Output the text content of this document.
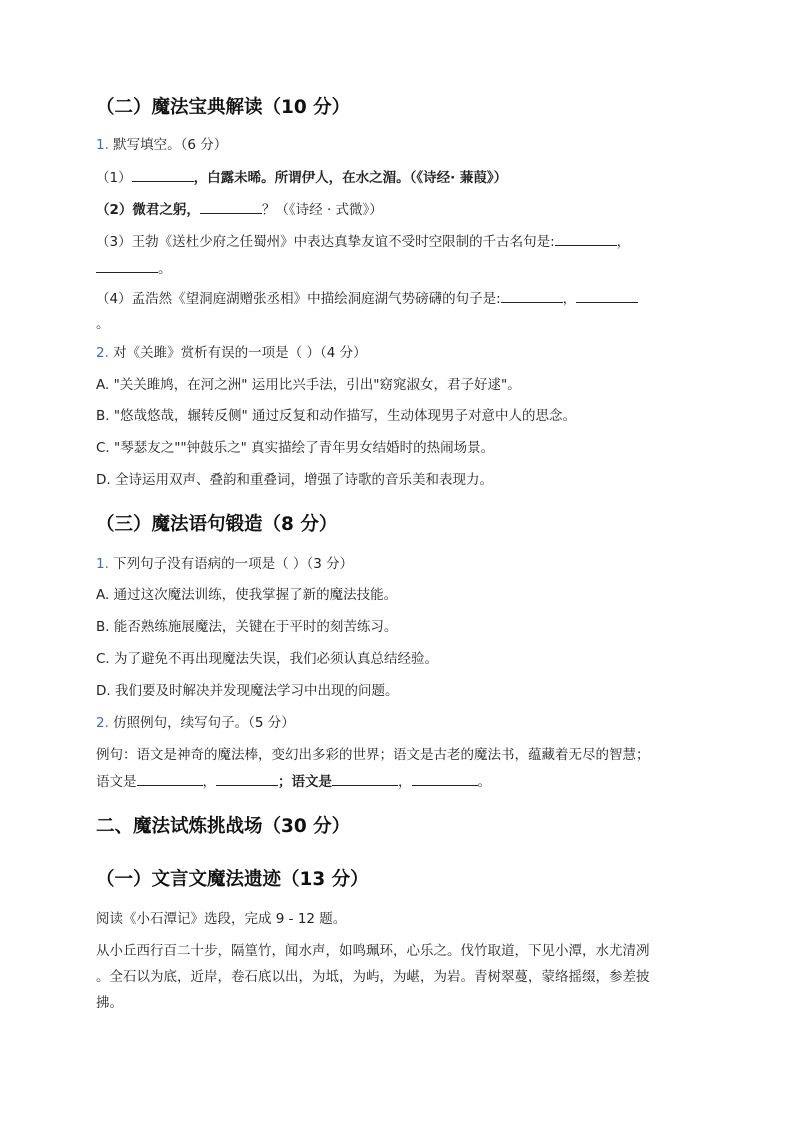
（二）魔法宝典解读（10 分）
1. 默写填空。（6 分）
（1）	，白露未晞。所谓伊人，在水之湄。（《诗经· 蒹葭》）
（2）微君之躬，	？（《诗经 · 式微》）
（3）王勃《送杜少府之任蜀州》中表达真挚友谊不受时空限制的千古名句是:	，
。
（4）孟浩然《望洞庭湖赠张丞相》中描绘洞庭湖气势磅礴的句子是:	，
。
2. 对《关雎》赏析有误的一项是（ ）（4 分）
A. "关关雎鸠，在河之洲" 运用比兴手法，引出"窈窕淑女，君子好逑"。
B. "悠哉悠哉，辗转反侧" 通过反复和动作描写，生动体现男子对意中人的思念。
C. "琴瑟友之""钟鼓乐之" 真实描绘了青年男女结婚时的热闹场景。
D. 全诗运用双声、叠韵和重叠词，增强了诗歌的音乐美和表现力。
（三）魔法语句锻造（8 分）
1. 下列句子没有语病的一项是（ ）（3 分）
A. 通过这次魔法训练，使我掌握了新的魔法技能。
B. 能否熟练施展魔法，关键在于平时的刻苦练习。
C. 为了避免不再出现魔法失误，我们必须认真总结经验。
D. 我们要及时解决并发现魔法学习中出现的问题。
2. 仿照例句，续写句子。（5 分）
例句：语文是神奇的魔法棒，变幻出多彩的世界；语文是古老的魔法书，蕴藏着无尽的智慧；
语文是	，	；语文是	，	。
二、魔法试炼挑战场（30 分）
（一）文言文魔法遗迹（13 分）
阅读《小石潭记》选段，完成 9 - 12 题。
从小丘西行百二十步，隔篁竹，闻水声，如鸣珮环，心乐之。伐竹取道，下见小潭，水尤清冽
。全石以为底，近岸，卷石底以出，为坻，为屿，为嵁，为岩。青树翠蔓，蒙络摇缀，参差披
拂。
